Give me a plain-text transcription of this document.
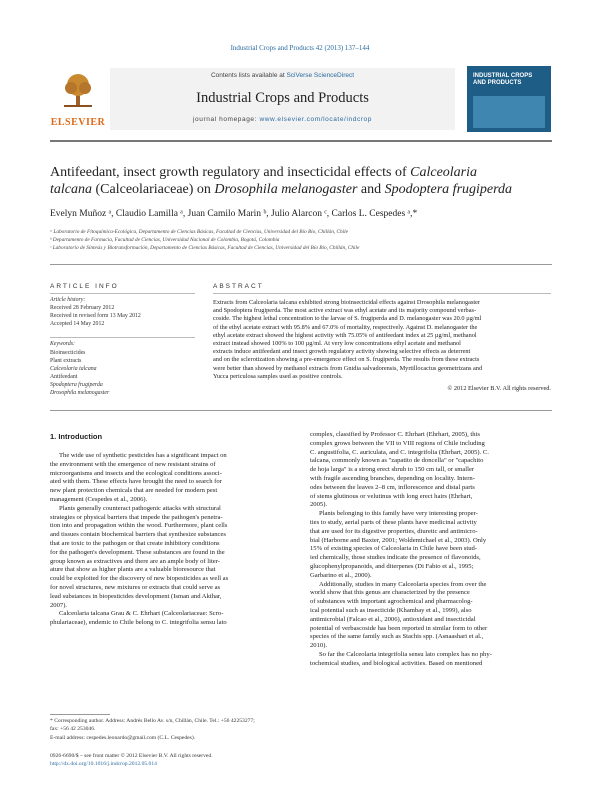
Industrial Crops and Products 42 (2013) 137–144
ELSEVIER
Contents lists available at SciVerse ScienceDirect
Industrial Crops and Products
journal homepage: www.elsevier.com/locate/indcrop
INDUSTRIAL CROPS AND PRODUCTS
Antifeedant, insect growth regulatory and insecticidal effects of Calceolaria
talcana (Calceolariaceae) on Drosophila melanogaster and Spodoptera frugiperda
Evelyn Muñoz ᵃ, Claudio Lamilla ᵃ, Juan Camilo Marin ᵇ, Julio Alarcon ᶜ, Carlos L. Cespedes ᵃ,*
ᵃ Laboratorio de Fitoquímica-Ecológica, Departamento de Ciencias Básicas, Facultad de Ciencias, Universidad del Bío Bío, Chillán, Chile
ᵇ Departamento de Farmacia, Facultad de Ciencias, Universidad Nacional de Colombia, Bogotá, Colombia
ᶜ Laboratorio de Síntesis y Biotransformación, Departamento de Ciencias Básicas, Facultad de Ciencias, Universidad del Bío Bío, Chillán, Chile
ARTICLE INFO
Article history:
Received 28 February 2012
Received in revised form 13 May 2012
Accepted 14 May 2012
Keywords:
Bioinsecticides
Plant extracts
Calceolaria talcana
Antifeedant
Spodoptera frugiperda
Drosophila melanogaster
ABSTRACT
Extracts from Calceolaria talcana exhibited strong bioinsecticidal effects against Drosophila melanogaster
and Spodoptera frugiperda. The most active extract was ethyl acetate and its majority compound verbas-
coside. The highest lethal concentration to the larvae of S. frugiperda and D. melanogaster was 20.0 µg/ml
of the ethyl acetate extract with 95.8% and 67.0% of mortality, respectively. Against D. melanogaster the
ethyl acetate extract showed the highest activity with 75.05% of antifeedant index at 25 µg/ml, methanol
extract instead showed 100% to 100 µg/ml. At very low concentrations ethyl acetate and methanol
extracts induce antifeedant and insect growth regulatory activity showing selective effects as deterrent
and on the sclerotization showing a pre-emergence effect on S. frugiperda. The results from these extracts
were better than showed by methanol extracts from Gnidia salvadorensis, Myrtillocactus geometrizans and
Yucca periculosa samples used as positive controls.
© 2012 Elsevier B.V. All rights reserved.
1. Introduction
The wide use of synthetic pesticides has a significant impact on
the environment with the emergence of new resistant strains of
microorganisms and insects and the ecological conditions associ-
ated with them. These effects have brought the need to search for
new plant protection chemicals that are needed for modern pest
management (Cespedes et al., 2006).
Plants generally counteract pathogenic attacks with structural
strategies or physical barriers that impede the pathogen's penetra-
tion into and propagation within the wood. Furthermore, plant cells
and tissues contain biochemical barriers that synthesize substances
that are toxic to the pathogen or that create inhibitory conditions
for the pathogen's development. These substances are found in the
group known as extractives and there are an ample body of liter-
ature that show as higher plants are a valuable bioresource that
could be exploited for the discovery of new biopesticides as well as
for novel structures, new mixtures or extracts that could serve as
lead substances in biopesticides development (Isman and Akthar,
2007).
Calceolaria talcana Grau & C. Ehrhart (Calceolariaceae: Scro-
phulariaceae), endemic to Chile belong to C. integrifolia sensu lato
complex, classified by Professor C. Ehrhart (Ehrhart, 2005), this
complex grows between the VII to VIII regions of Chile including
C. angustifolia, C. auriculata, and C. integrifolia (Ehrhart, 2005). C.
talcana, commonly known as "zapatito de doncella" or "capachito
de hoja larga" is a strong erect shrub to 150 cm tall, or smaller
with fragile ascending branches, depending on locality. Intern-
odes between the leaves 2–8 cm, inflorescence and distal parts
of stems glutinous or velutinus with long erect hairs (Ehrhart,
2005).
Plants belonging to this family have very interesting proper-
ties to study, aerial parts of these plants have medicinal activity
that are used for its digestive properties, diuretic and antimicro-
bial (Harborne and Baxter, 2001; Woldemichael et al., 2003). Only
15% of existing species of Calceolaria in Chile have been stud-
ied chemically, those studies indicate the presence of flavonoids,
glucophenylpropanoids, and diterpenes (Di Fabio et al., 1995;
Garbarino et al., 2000).
Additionally, studies in many Calceolaria species from over the
world show that this genus are characterized by the presence
of substances with important agrochemical and pharmacolog-
ical potential such as insecticide (Khambay et al., 1999), also
antimicrobial (Falcao et al., 2006), antioxidant and insecticidal
potential of verbascoside has been reported in similar form to other
species of the same family such as Stachis spp. (Asnaashari et al.,
2010).
So far the Calceolaria integrifolia sensu lato complex has no phy-
tochemical studies, and biological activities. Based on mentioned
* Corresponding author. Address: Andrés Bello Av. s/n, Chillán, Chile. Tel.: +56 42253277;
fax: +56 42 253046.
E-mail address: cespedes.leonardo@gmail.com (C.L. Cespedes).
0926-6690/$ – see front matter © 2012 Elsevier B.V. All rights reserved.
http://dx.doi.org/10.1016/j.indcrop.2012.05.014
